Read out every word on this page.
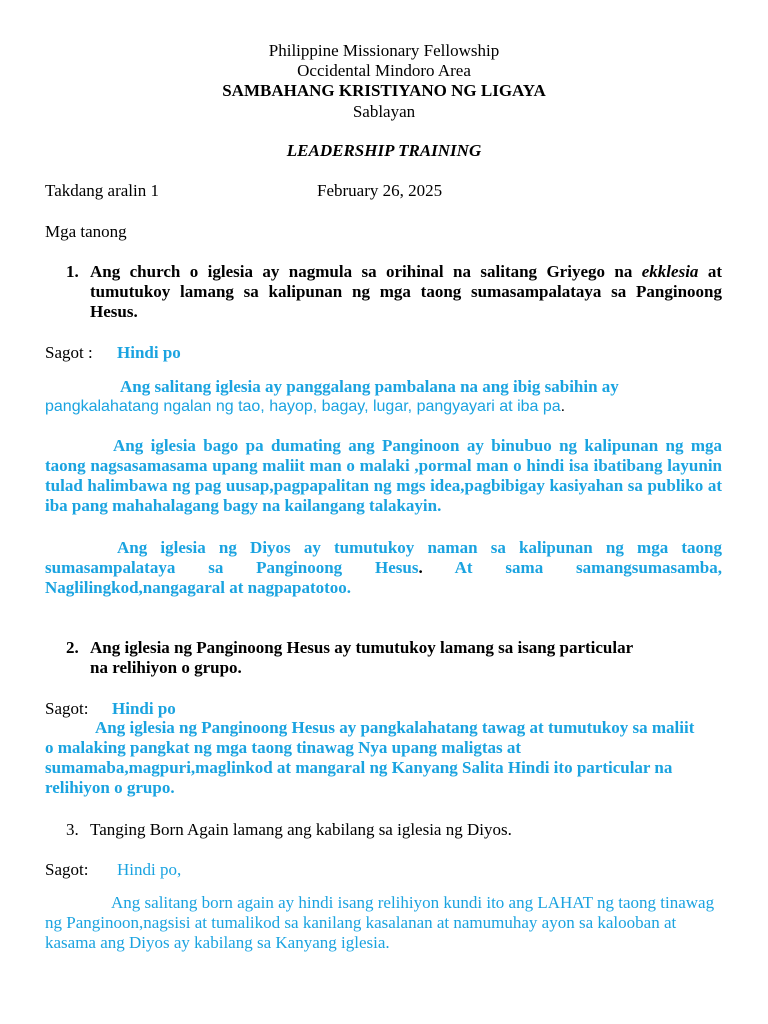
Philippine Missionary Fellowship
Occidental Mindoro Area
SAMBAHANG KRISTIYANO NG LIGAYA
Sablayan
LEADERSHIP TRAINING
Takdang aralin 1	February 26, 2025
Mga tanong
1. Ang church o iglesia ay nagmula sa orihinal na salitang Griyego na ekklesia at tumutukoy lamang sa kalipunan ng mga taong sumasampalataya sa Panginoong Hesus.
Sagot : Hindi po
Ang salitang iglesia ay panggalang pambalana na ang ibig sabihin ay
pangkalahatang ngalan ng tao, hayop, bagay, lugar, pangyayari at iba pa.
Ang iglesia bago pa dumating ang Panginoon ay binubuo ng kalipunan ng mga taong nagsasamasama upang maliit man o malaki ,pormal man o hindi isa ibatibang layunin tulad halimbawa ng pag uusap,pagpapalitan ng mgs idea,pagbibigay kasiyahan sa publiko at iba pang mahahalagang bagy na kailangang talakayin.
Ang iglesia ng Diyos ay tumutukoy naman sa kalipunan ng mga taong sumasampalataya sa Panginoong Hesus. At sama samangsumasamba, Naglilingkod,nangagaral at nagpapatotoo.
2. Ang iglesia ng Panginoong Hesus ay tumutukoy lamang sa isang particular na relihiyon o grupo.
Sagot: Hindi po
Ang iglesia ng Panginoong Hesus ay pangkalahatang tawag at tumutukoy sa maliit o malaking pangkat ng mga taong tinawag Nya upang maligtas at sumamaba,magpuri,maglinkod at mangaral ng Kanyang Salita Hindi ito particular na relihiyon o grupo.
3. Tanging Born Again lamang ang kabilang sa iglesia ng Diyos.
Sagot: Hindi po,
Ang salitang born again ay hindi isang relihiyon kundi ito ang LAHAT ng taong tinawag ng Panginoon,nagsisi at tumalikod sa kanilang kasalanan at namumuhay ayon sa kalooban at kasama ang Diyos ay kabilang sa Kanyang iglesia.
